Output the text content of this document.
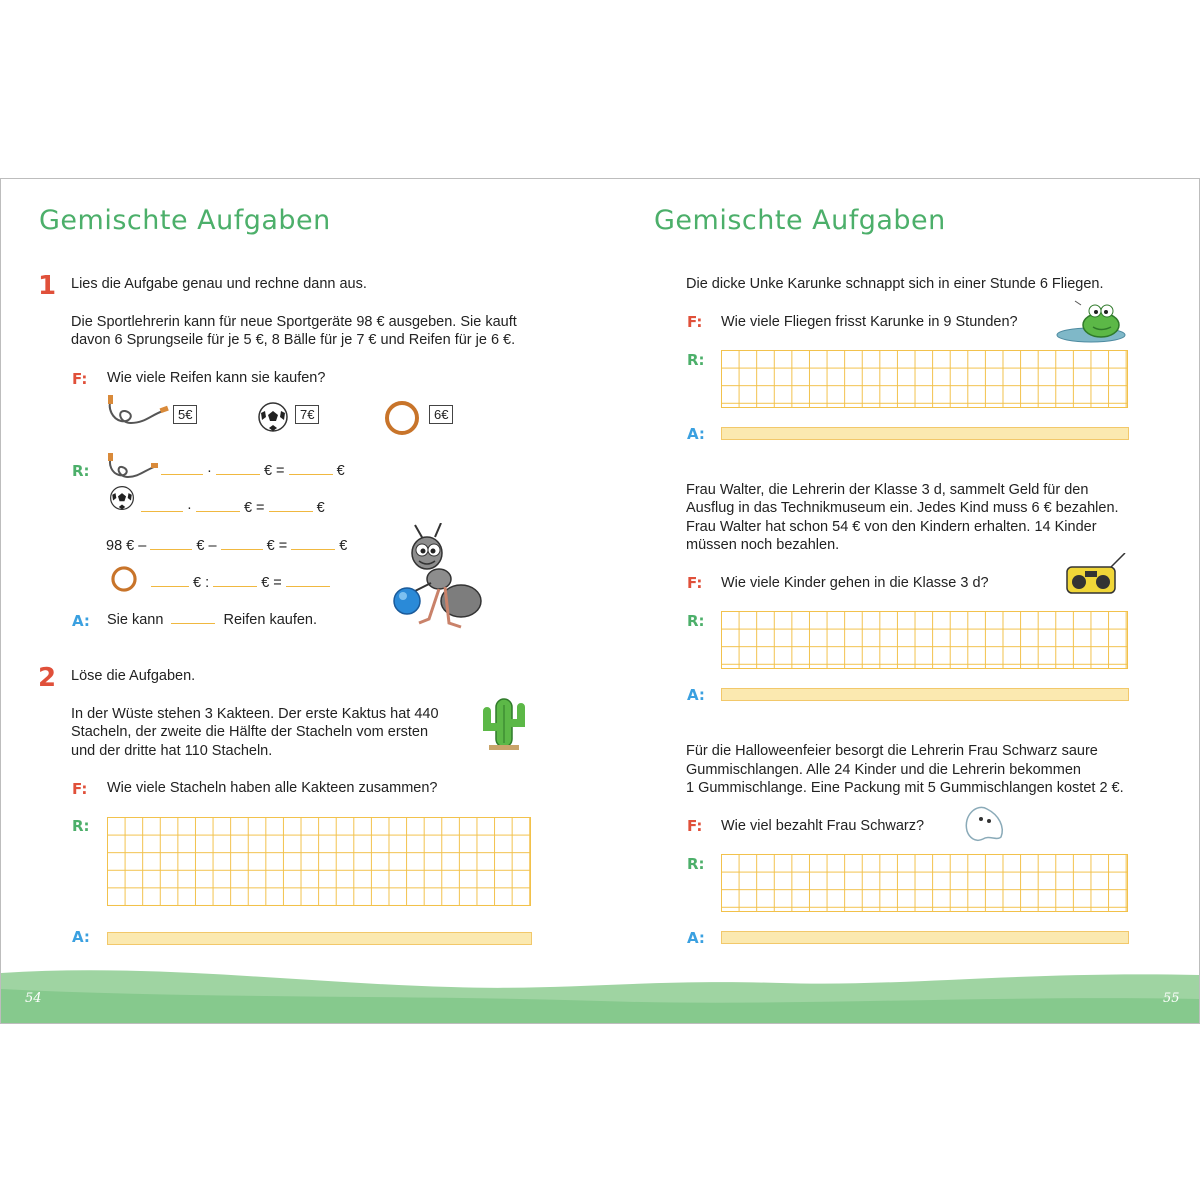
Gemischte Aufgaben
1 Lies die Aufgabe genau und rechne dann aus.
Die Sportlehrerin kann für neue Sportgeräte 98 € ausgeben. Sie kauft
davon 6 Sprungseile für je 5 €, 8 Bälle für je 7 € und Reifen für je 6 €.
F: Wie viele Reifen kann sie kaufen?
5€	7€	6€
R:	·	€ =	€
·	€ =	€
98 € –	€ –	€ =	€
€ :	€ =
A: Sie kann	Reifen kaufen.
2 Löse die Aufgaben.
In der Wüste stehen 3 Kakteen. Der erste Kaktus hat 440
Stacheln, der zweite die Hälfte der Stacheln vom ersten
und der dritte hat 110 Stacheln.
F: Wie viele Stacheln haben alle Kakteen zusammen?
R:
A:
Gemischte Aufgaben
Die dicke Unke Karunke schnappt sich in einer Stunde 6 Fliegen.
F: Wie viele Fliegen frisst Karunke in 9 Stunden?
R:
A:
Frau Walter, die Lehrerin der Klasse 3 d, sammelt Geld für den
Ausflug in das Technikmuseum ein. Jedes Kind muss 6 € bezahlen.
Frau Walter hat schon 54 € von den Kindern erhalten. 14 Kinder
müssen noch bezahlen.
F: Wie viele Kinder gehen in die Klasse 3 d?
R:
A:
Für die Halloweenfeier besorgt die Lehrerin Frau Schwarz saure
Gummischlangen. Alle 24 Kinder und die Lehrerin bekommen
1 Gummischlange. Eine Packung mit 5 Gummischlangen kostet 2 €.
F: Wie viel bezahlt Frau Schwarz?
R:
A:
54	55
